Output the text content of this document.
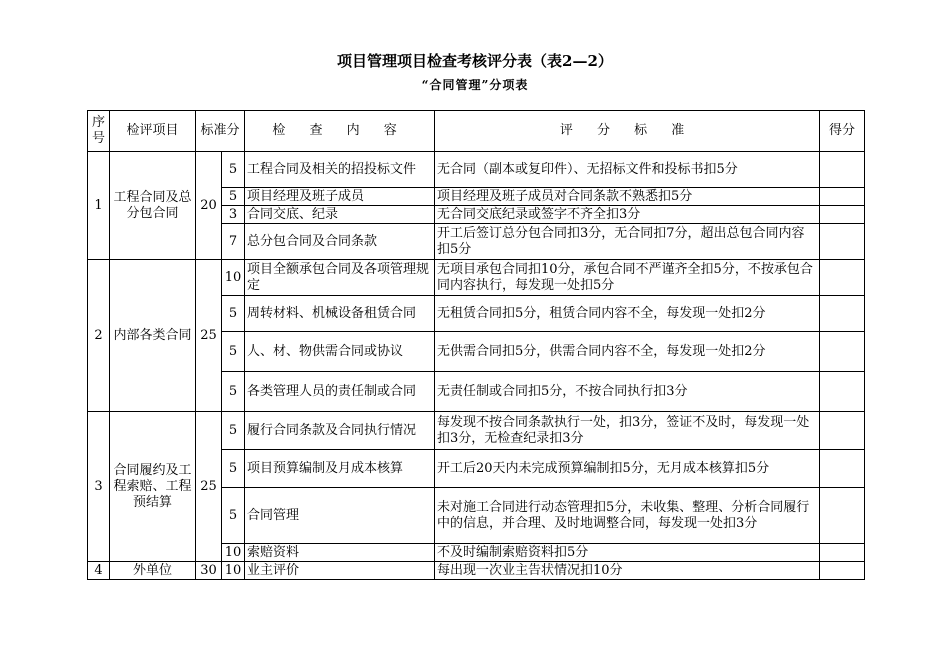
项目管理项目检查考核评分表（表2—2）
“合同管理”分项表
序号	检评项目	标准分		检 查 内 容	评 分 标 准	得分
1	工程合同及总分包合同	20	5	工程合同及相关的招投标文件	无合同（副本或复印件）、无招标文件和投标书扣5分	
			5	项目经理及班子成员	项目经理及班子成员对合同条款不熟悉扣5分	
			3	合同交底、纪录	无合同交底纪录或签字不齐全扣3分	
			7	总分包合同及合同条款	开工后签订总分包合同扣3分，无合同扣7分，超出总包合同内容扣5分	
2	内部各类合同	25	10	项目全额承包合同及各项管理规定	无项目承包合同扣10分，承包合同不严谨齐全扣5分，不按承包合同内容执行，每发现一处扣5分	
			5	周转材料、机械设备租赁合同	无租赁合同扣5分，租赁合同内容不全，每发现一处扣2分	
			5	人、材、物供需合同或协议	无供需合同扣5分，供需合同内容不全，每发现一处扣2分	
			5	各类管理人员的责任制或合同	无责任制或合同扣5分，不按合同执行扣3分	
3	合同履约及工程索赔、工程预结算	25	5	履行合同条款及合同执行情况	每发现不按合同条款执行一处，扣3分，签证不及时，每发现一处扣3分，无检查纪录扣3分	
			5	项目预算编制及月成本核算	开工后20天内未完成预算编制扣5分，无月成本核算扣5分	
			5	合同管理	未对施工合同进行动态管理扣5分，未收集、整理、分析合同履行中的信息，并合理、及时地调整合同，每发现一处扣3分	
			10	索赔资料	不及时编制索赔资料扣5分	
4	外单位	30	10	业主评价	每出现一次业主告状情况扣10分	
